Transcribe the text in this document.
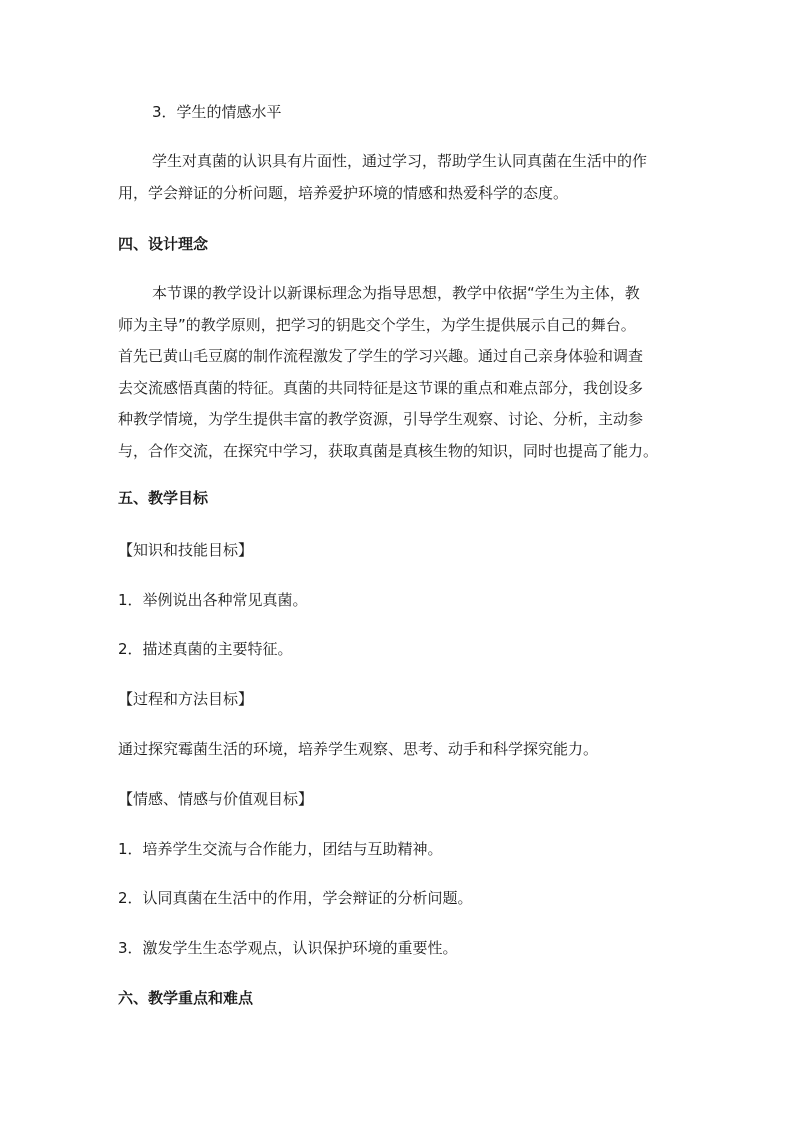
3．学生的情感水平
学生对真菌的认识具有片面性，通过学习，帮助学生认同真菌在生活中的作
用，学会辩证的分析问题，培养爱护环境的情感和热爱科学的态度。
四、设计理念
本节课的教学设计以新课标理念为指导思想，教学中依据“学生为主体，教
师为主导”的教学原则，把学习的钥匙交个学生，为学生提供展示自己的舞台。
首先已黄山毛豆腐的制作流程激发了学生的学习兴趣。通过自己亲身体验和调查
去交流感悟真菌的特征。真菌的共同特征是这节课的重点和难点部分，我创设多
种教学情境，为学生提供丰富的教学资源，引导学生观察、讨论、分析，主动参
与，合作交流，在探究中学习，获取真菌是真核生物的知识，同时也提高了能力。
五、教学目标
【知识和技能目标】
1．举例说出各种常见真菌。
2．描述真菌的主要特征。
【过程和方法目标】
通过探究霉菌生活的环境，培养学生观察、思考、动手和科学探究能力。
【情感、情感与价值观目标】
1．培养学生交流与合作能力，团结与互助精神。
2．认同真菌在生活中的作用，学会辩证的分析问题。
3．激发学生生态学观点，认识保护环境的重要性。
六、教学重点和难点
